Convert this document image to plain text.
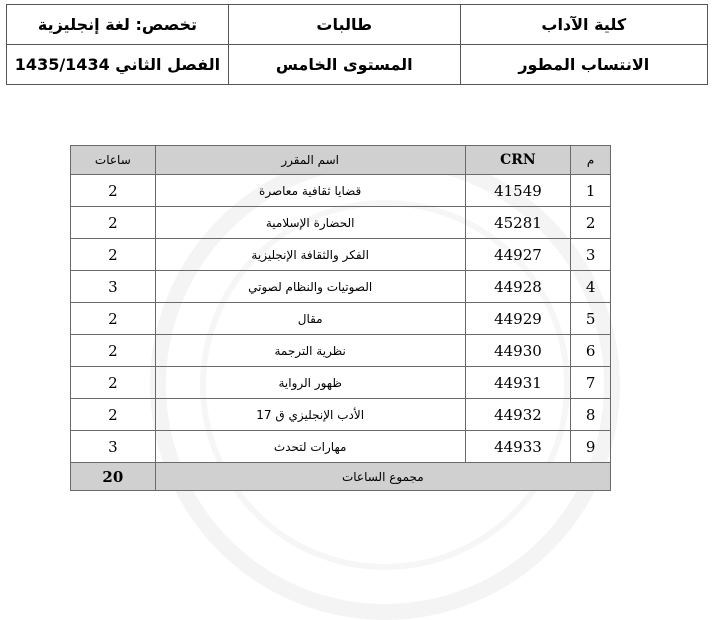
كلية الآداب	طالبات	تخصص: لغة إنجليزية
الانتساب المطور	المستوى الخامس	الفصل الثاني 1435/1434
م	CRN	اسم المقرر	ساعات
1	41549	قضايا ثقافية معاصرة	2
2	45281	الحضارة الإسلامية	2
3	44927	الفكر والثقافة الإنجليزية	2
4	44928	الصوتيات والنظام لصوتي	3
5	44929	مقال	2
6	44930	نظرية الترجمة	2
7	44931	ظهور الرواية	2
8	44932	الأدب الإنجليزي ق 17	2
9	44933	مهارات لتحدث	3
مجموع الساعات			20
